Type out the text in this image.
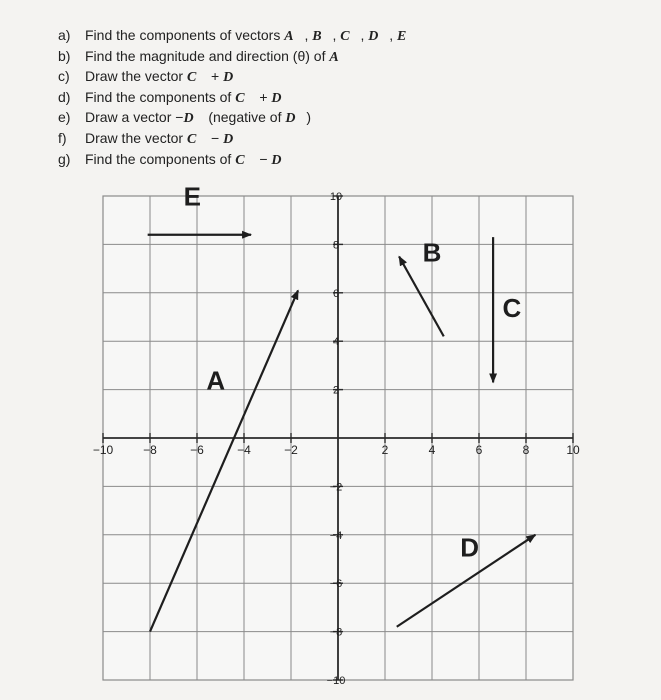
a)	Find the components of vectors A⃗, B⃗, C⃗, D⃗, E⃗
b)	Find the magnitude and direction (θ) of A⃗
c)	Draw the vector C⃗ + D⃗
d)	Find the components of C⃗ + D⃗
e)	Draw a vector −D⃗ (negative of D⃗)
f)	Draw the vector C⃗ − D⃗
g)	Find the components of C⃗ − D⃗
−10 −8	−6	−4	−2	2	4	6	8	10
10
8
6
4
2
−2
−4
−6
−8
−10
A
B
C
D
E
